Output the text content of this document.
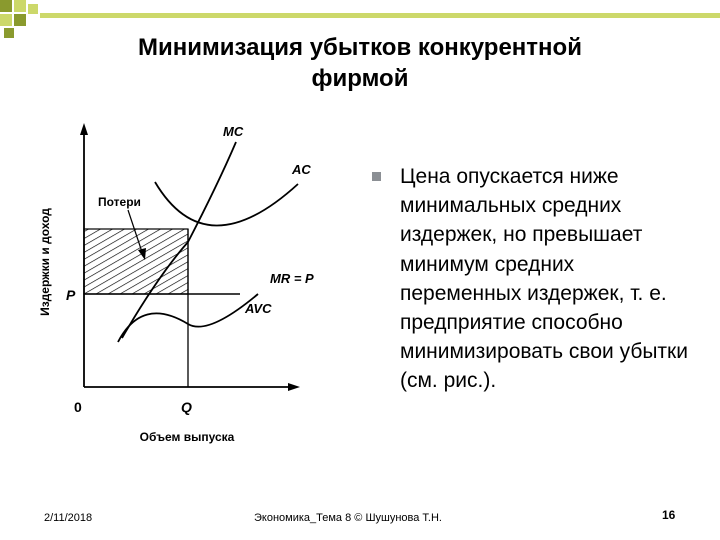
Минимизация убытков конкурентной
фирмой
Издержки и доход
Объем выпуска
0
P
Q
MC
AC
MR = P
AVC
Потери
Цена опускается ниже минимальных средних издержек, но превышает минимум средних переменных издержек, т. е. предприятие способно минимизировать свои убытки (см. рис.).
2/11/2018	Экономика_Тема 8 © Шушунова Т.Н.	16
